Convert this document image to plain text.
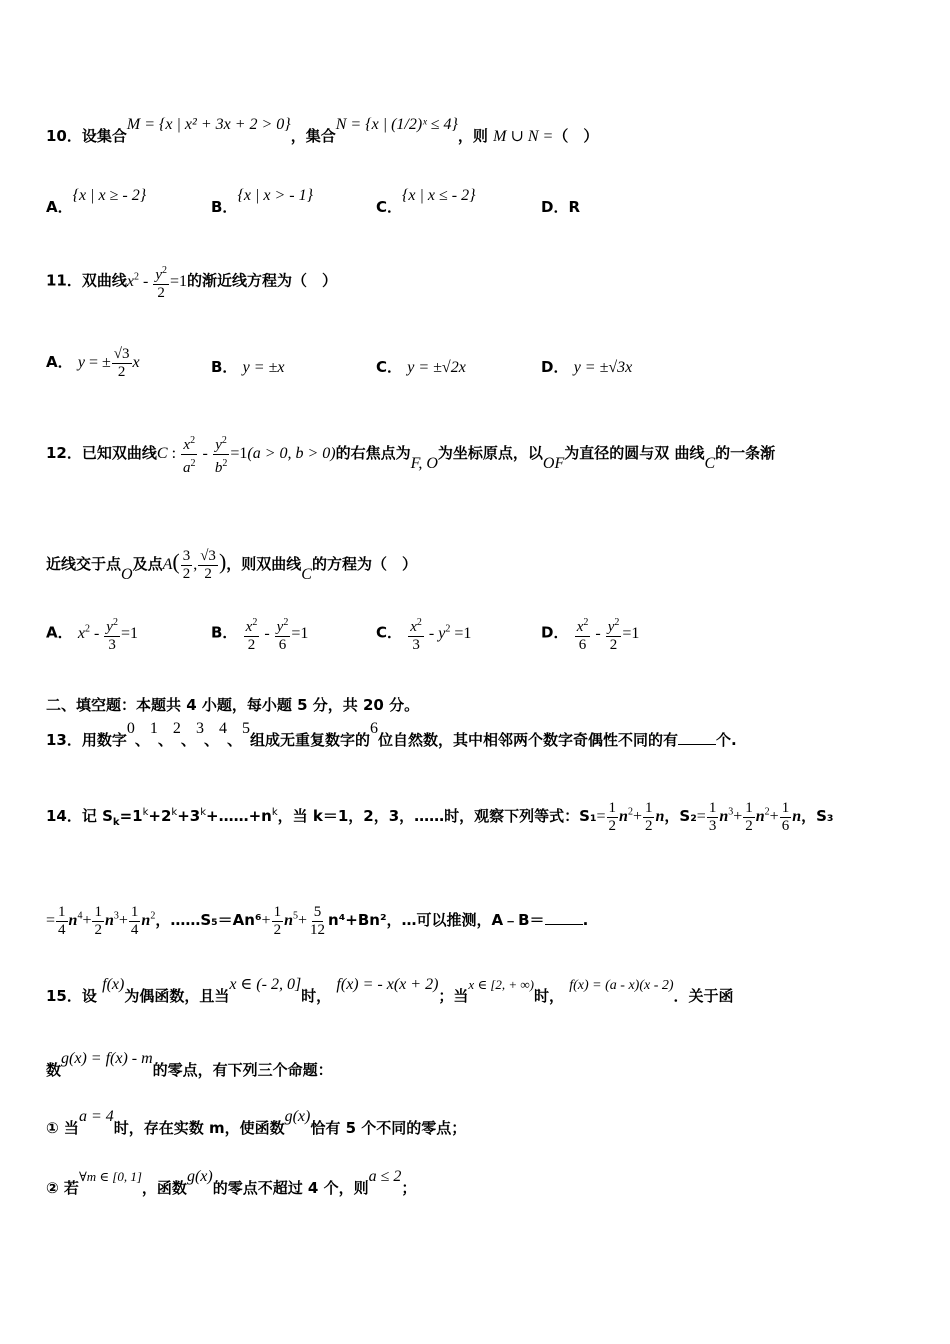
10．设集合M = {x | x² + 3x + 2 > 0}，集合N = {x | (1/2)ˣ ≤ 4}，则 M ∪ N =（　）
A．{x | x ≥ - 2}
B．{x | x > - 1}
C．{x | x ≤ - 2}
D．R
11．双曲线$x^2 - \frac{y^2}{2} =1$的渐近线方程为（　）
A． y = ± $\frac{√3}{2}$ x	B． y = ±x	C． y = ±√2x	D． y = ±√3x
12．已知双曲线C : $\frac{x^2}{a^2} - \frac{y^2}{b^2} =1(a > 0$, b > 0)的右焦点为F, O为坐标原点，以OF为直径的圆与双 曲线C的一条渐
近线交于点O及点$A( \frac{3}{2}$ , $\frac{√3}{2}$ )，则双曲线C的方程为（　）
A． $x^2 - \frac{y^2}{3} =1$	B． $\frac{x^2}{2} - \frac{y^2}{6} =1$	C． $\frac{x^2}{3} - y^2 =1$	D． $\frac{x^2}{6} - \frac{y^2}{2} =1$
二、填空题：本题共 4 小题，每小题 5 分，共 20 分。
13．用数字0、1、2、3、4、5组成无重复数字的6位自然数，其中相邻两个数字奇偶性不同的有	个.
14．记 $S_k=1^k+2^k+3^k+\dots\dots+n^k$，当 k＝1，2，3，……时，观察下列等式：$S_1= \frac{1}{2} n^2+ \frac{1}{2}$ n，$S_2= \frac{1}{3} n^3+ \frac{1}{2} n^2+ \frac{1}{6}$ n，S₃
= $\frac{1}{4} n^4+ \frac{1}{2} n^3+ \frac{1}{4} n^2$，……S₅＝An⁶+ $\frac{1}{2} n^5+ \frac{5}{12} n^4+Bn^2$，…可以推测，A﹣B＝	.
15．设 f(x)为偶函数，且当x ∈ (- 2, 0]时， f(x) = - x(x + 2)；当x ∈ [2, + ∞)时， f(x) = (a - x)(x - 2)．关于函
数g(x) = f(x) - m的零点，有下列三个命题：
① 当a = 4时，存在实数 m，使函数g(x)恰有 5 个不同的零点；
② 若∀m ∈ [0, 1]，函数g(x)的零点不超过 4 个，则a ≤ 2；
